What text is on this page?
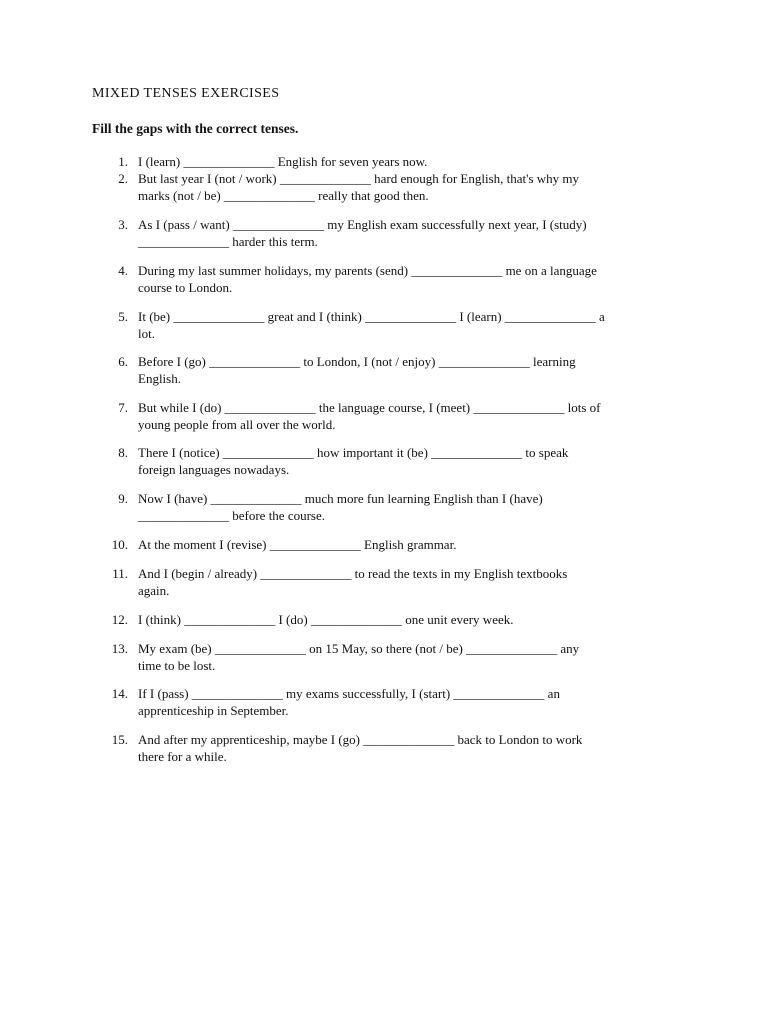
MIXED TENSES EXERCISES
Fill the gaps with the correct tenses.
1. I (learn) ______________ English for seven years now.
2. But last year I (not / work) ______________ hard enough for English, that's why my
marks (not / be) ______________ really that good then.
3. As I (pass / want) ______________ my English exam successfully next year, I (study)
______________ harder this term.
4. During my last summer holidays, my parents (send) ______________ me on a language
course to London.
5. It (be) ______________ great and I (think) ______________ I (learn) ______________ a
lot.
6. Before I (go) ______________ to London, I (not / enjoy) ______________ learning
English.
7. But while I (do) ______________ the language course, I (meet) ______________ lots of
young people from all over the world.
8. There I (notice) ______________ how important it (be) ______________ to speak
foreign languages nowadays.
9. Now I (have) ______________ much more fun learning English than I (have)
______________ before the course.
10. At the moment I (revise) ______________ English grammar.
11. And I (begin / already) ______________ to read the texts in my English textbooks
again.
12. I (think) ______________ I (do) ______________ one unit every week.
13. My exam (be) ______________ on 15 May, so there (not / be) ______________ any
time to be lost.
14. If I (pass) ______________ my exams successfully, I (start) ______________ an
apprenticeship in September.
15. And after my apprenticeship, maybe I (go) ______________ back to London to work
there for a while.
